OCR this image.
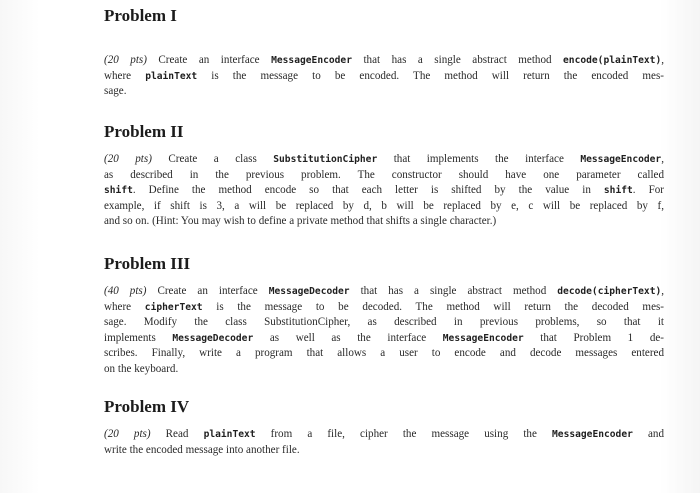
Problem I
(20 pts) Create an interface MessageEncoder that has a single abstract method encode(plainText),
where plainText is the message to be encoded. The method will return the encoded mes-
sage.
Problem II
(20 pts) Create a class SubstitutionCipher that implements the interface MessageEncoder,
as described in the previous problem. The constructor should have one parameter called
shift. Define the method encode so that each letter is shifted by the value in shift. For
example, if shift is 3, a will be replaced by d, b will be replaced by e, c will be replaced by f,
and so on. (Hint: You may wish to define a private method that shifts a single character.)
Problem III
(40 pts) Create an interface MessageDecoder that has a single abstract method decode(cipherText),
where cipherText is the message to be decoded. The method will return the decoded mes-
sage. Modify the class SubstitutionCipher, as described in previous problems, so that it
implements MessageDecoder as well as the interface MessageEncoder that Problem 1 de-
scribes. Finally, write a program that allows a user to encode and decode messages entered
on the keyboard.
Problem IV
(20 pts) Read plainText from a file, cipher the message using the MessageEncoder and
write the encoded message into another file.
